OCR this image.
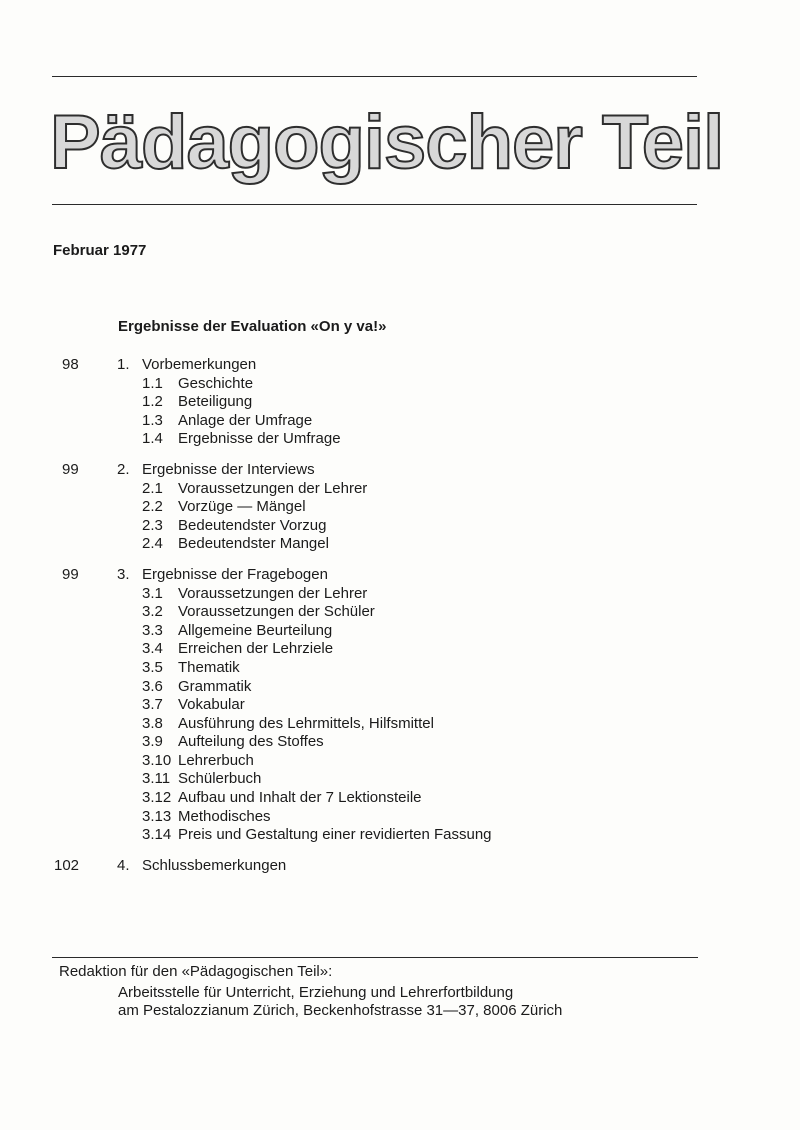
Pädagogischer Teil
Februar 1977
Ergebnisse der Evaluation «On y va!»
98	1. Vorbemerkungen
1.1 Geschichte
1.2 Beteiligung
1.3 Anlage der Umfrage
1.4 Ergebnisse der Umfrage
99	2. Ergebnisse der Interviews
2.1 Voraussetzungen der Lehrer
2.2 Vorzüge — Mängel
2.3 Bedeutendster Vorzug
2.4 Bedeutendster Mangel
99	3. Ergebnisse der Fragebogen
3.1 Voraussetzungen der Lehrer
3.2 Voraussetzungen der Schüler
3.3 Allgemeine Beurteilung
3.4 Erreichen der Lehrziele
3.5 Thematik
3.6 Grammatik
3.7 Vokabular
3.8 Ausführung des Lehrmittels, Hilfsmittel
3.9 Aufteilung des Stoffes
3.10 Lehrerbuch
3.11 Schülerbuch
3.12 Aufbau und Inhalt der 7 Lektionsteile
3.13 Methodisches
3.14 Preis und Gestaltung einer revidierten Fassung
102	4. Schlussbemerkungen
Redaktion für den «Pädagogischen Teil»:
Arbeitsstelle für Unterricht, Erziehung und Lehrerfortbildung
am Pestalozzianum Zürich, Beckenhofstrasse 31—37, 8006 Zürich
